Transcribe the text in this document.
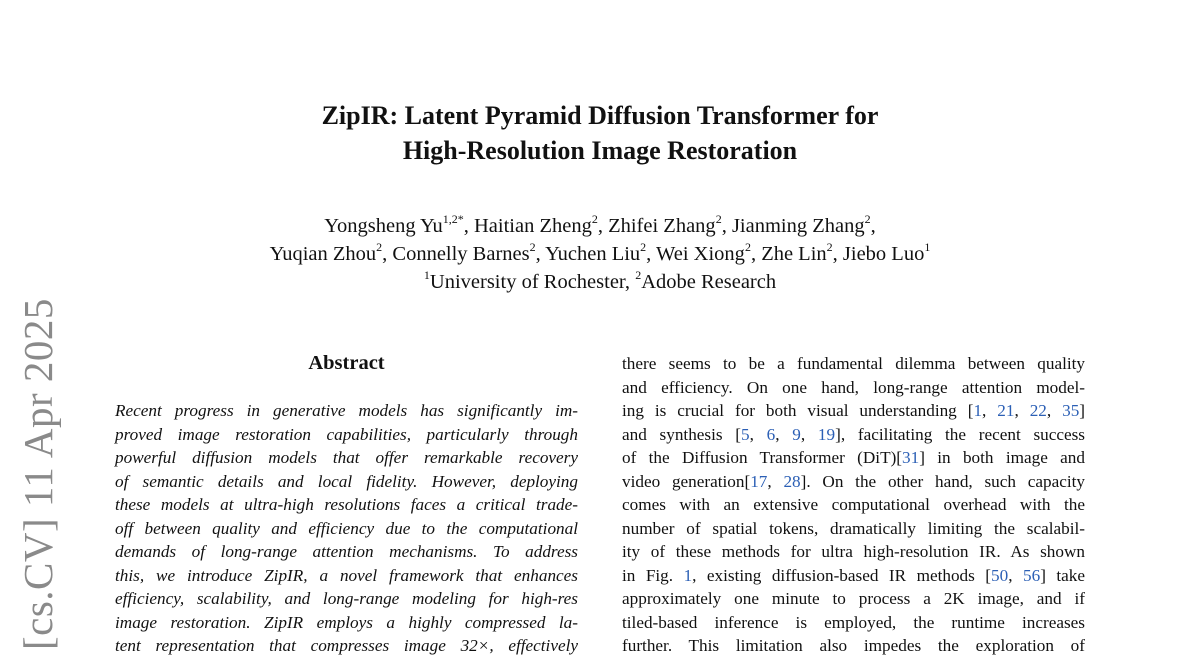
[cs.CV] 11 Apr 2025
ZipIR: Latent Pyramid Diffusion Transformer for
High-Resolution Image Restoration
Yongsheng $Yu^{1,2*}$, Haitian Zheng$^2$, Zhifei Zhang$^2$, Jianming Zhang$^2$,
Yuqian Zhou$^2$, Connelly Barnes$^2$, Yuchen Liu$^2$, Wei Xiong$^2$, Zhe Lin$^2$, Jiebo Luo$^1$
$^1$University of Rochester, $^2$Adobe Research
Abstract
Recent progress in generative models has significantly im-
proved image restoration capabilities, particularly through
powerful diffusion models that offer remarkable recovery
of semantic details and local fidelity. However, deploying
these models at ultra-high resolutions faces a critical trade-
off between quality and efficiency due to the computational
demands of long-range attention mechanisms. To address
this, we introduce ZipIR, a novel framework that enhances
efficiency, scalability, and long-range modeling for high-res
image restoration. ZipIR employs a highly compressed la-
tent representation that compresses image 32×, effectively
there seems to be a fundamental dilemma between quality
and efficiency. On one hand, long-range attention model-
ing is crucial for both visual understanding [1, 21, 22, 35]
and synthesis [5, 6, 9, 19], facilitating the recent success
of the Diffusion Transformer (DiT)[31] in both image and
video generation[17, 28]. On the other hand, such capacity
comes with an extensive computational overhead with the
number of spatial tokens, dramatically limiting the scalabil-
ity of these methods for ultra high-resolution IR. As shown
in Fig. 1, existing diffusion-based IR methods [50, 56] take
approximately one minute to process a 2K image, and if
tiled-based inference is employed, the runtime increases
further. This limitation also impedes the exploration of
